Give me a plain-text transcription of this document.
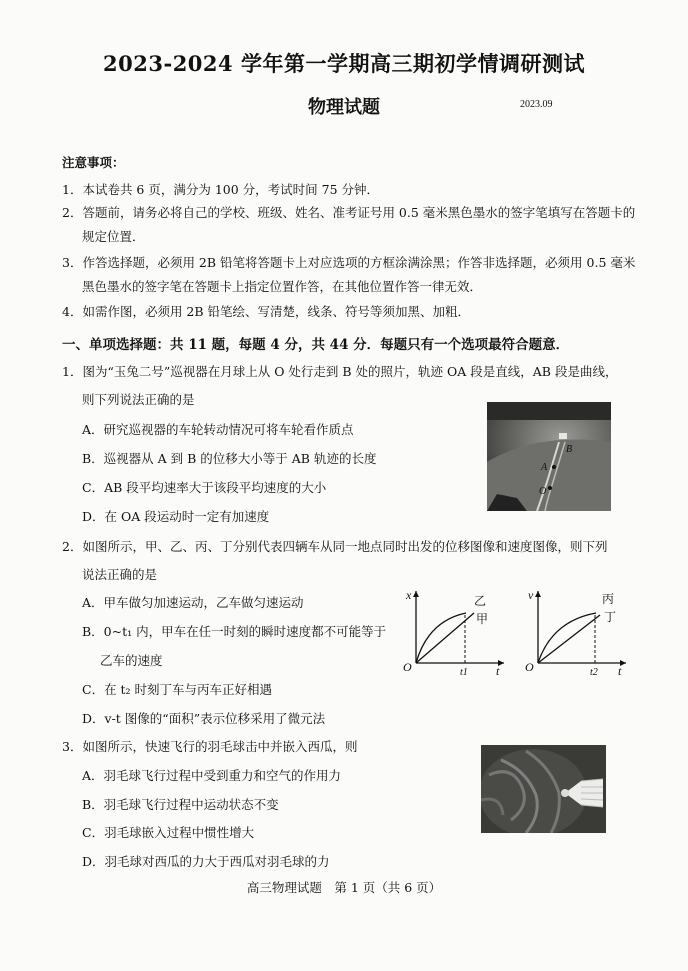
2023-2024 学年第一学期高三期初学情调研测试
物理试题	2023.09
注意事项：
1．本试卷共 6 页，满分为 100 分，考试时间 75 分钟．
2．答题前，请务必将自己的学校、班级、姓名、准考证号用 0.5 毫米黑色墨水的签字笔填写在答题卡的
规定位置．
3．作答选择题，必须用 2B 铅笔将答题卡上对应选项的方框涂满涂黑；作答非选择题，必须用 0.5 毫米
黑色墨水的签字笔在答题卡上指定位置作答，在其他位置作答一律无效．
4．如需作图，必须用 2B 铅笔绘、写清楚，线条、符号等须加黑、加粗．
一、单项选择题：共 11 题，每题 4 分，共 44 分．每题只有一个选项最符合题意．
1．图为“玉兔二号”巡视器在月球上从 O 处行走到 B 处的照片，轨迹 OA 段是直线，AB 段是曲线，
则下列说法正确的是
A．研究巡视器的车轮转动情况可将车轮看作质点
B．巡视器从 A 到 B 的位移大小等于 AB 轨迹的长度
C．AB 段平均速率大于该段平均速度的大小
D．在 OA 段运动时一定有加速度
B
A
O
2．如图所示，甲、乙、丙、丁分别代表四辆车从同一地点同时出发的位移图像和速度图像，则下列
说法正确的是
A．甲车做匀加速运动，乙车做匀速运动
B．0~t₁ 内，甲车在任一时刻的瞬时速度都不可能等于
乙车的速度
C．在 t₂ 时刻丁车与丙车正好相遇
D．v-t 图像的“面积”表示位移采用了微元法
x
t
O	t1
乙
甲
v
t
O	t2
丙
丁
3．如图所示，快速飞行的羽毛球击中并嵌入西瓜，则
A．羽毛球飞行过程中受到重力和空气的作用力
B．羽毛球飞行过程中运动状态不变
C．羽毛球嵌入过程中惯性增大
D．羽毛球对西瓜的力大于西瓜对羽毛球的力
高三物理试题　第 1 页（共 6 页）
